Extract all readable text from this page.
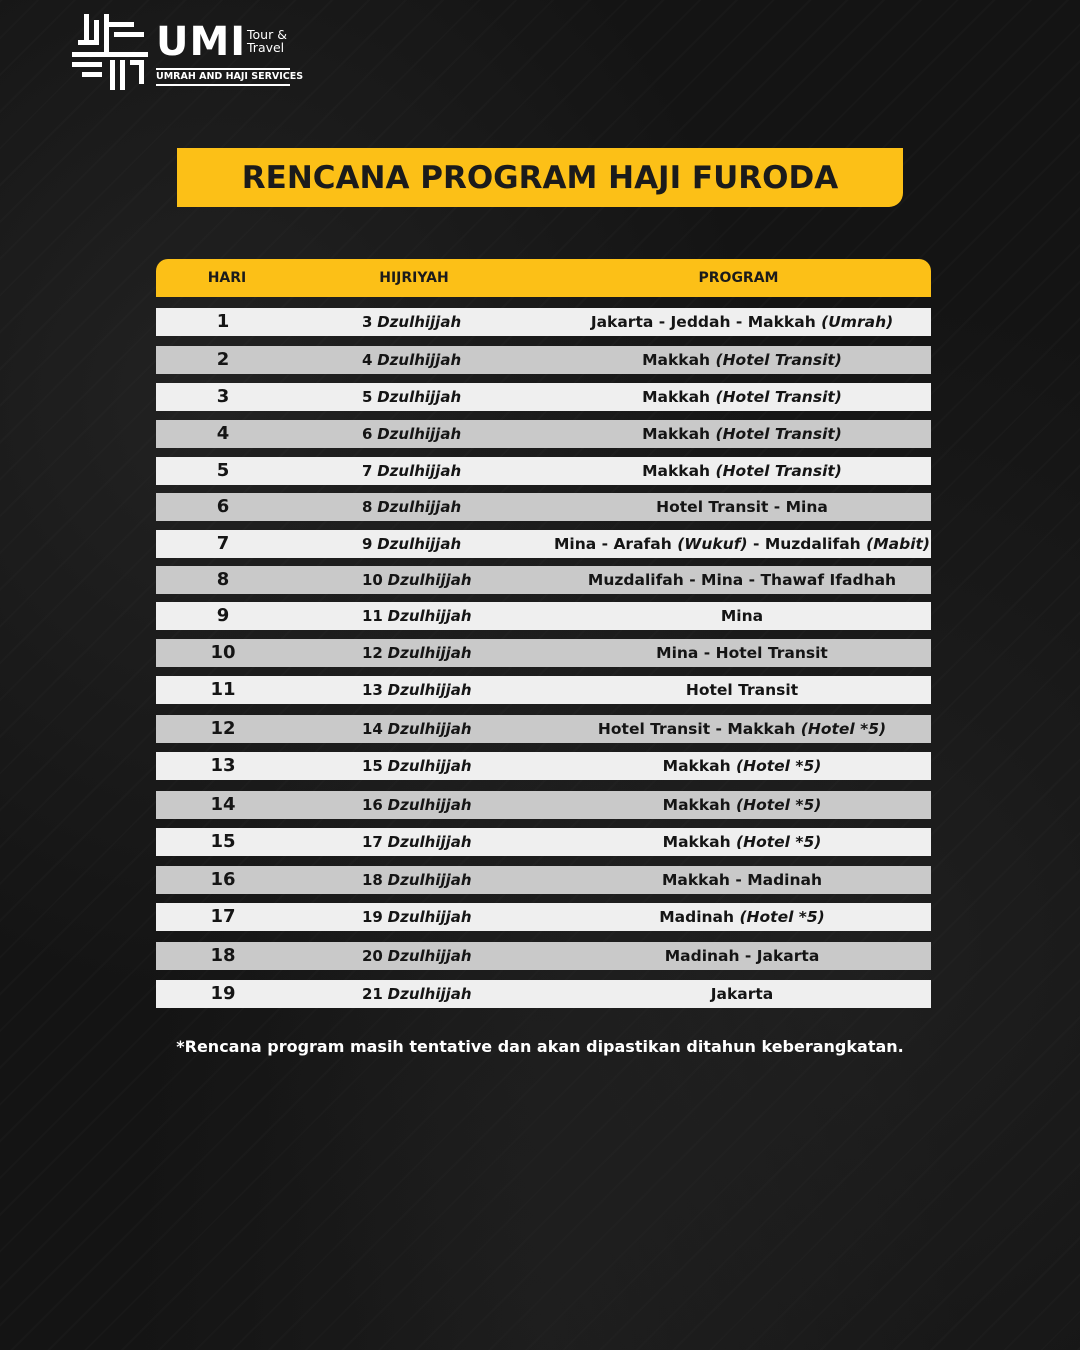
UMI Tour & Travel
UMRAH AND HAJI SERVICES
RENCANA PROGRAM HAJI FURODA
HARI	HIJRIYAH	PROGRAM
1	3 Dzulhijjah	Jakarta - Jeddah - Makkah (Umrah)
2	4 Dzulhijjah	Makkah (Hotel Transit)
3	5 Dzulhijjah	Makkah (Hotel Transit)
4	6 Dzulhijjah	Makkah (Hotel Transit)
5	7 Dzulhijjah	Makkah (Hotel Transit)
6	8 Dzulhijjah	Hotel Transit - Mina
7	9 Dzulhijjah	Mina - Arafah (Wukuf) - Muzdalifah (Mabit)
8	10 Dzulhijjah	Muzdalifah - Mina - Thawaf Ifadhah
9	11 Dzulhijjah	Mina
10	12 Dzulhijjah	Mina - Hotel Transit
11	13 Dzulhijjah	Hotel Transit
12	14 Dzulhijjah	Hotel Transit - Makkah (Hotel *5)
13	15 Dzulhijjah	Makkah (Hotel *5)
14	16 Dzulhijjah	Makkah (Hotel *5)
15	17 Dzulhijjah	Makkah (Hotel *5)
16	18 Dzulhijjah	Makkah - Madinah
17	19 Dzulhijjah	Madinah (Hotel *5)
18	20 Dzulhijjah	Madinah - Jakarta
19	21 Dzulhijjah	Jakarta
*Rencana program masih tentative dan akan dipastikan ditahun keberangkatan.
